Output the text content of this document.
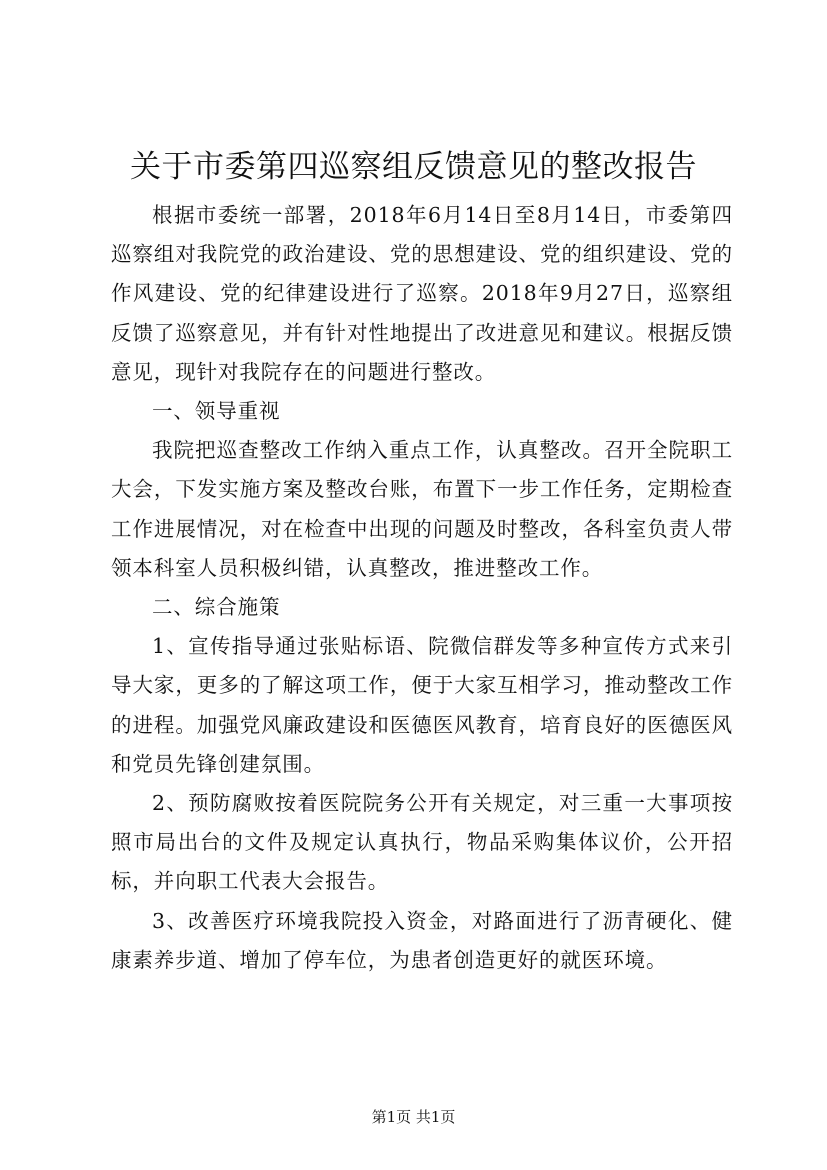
关于市委第四巡察组反馈意见的整改报告

根据市委统一部署，2018年6月14日至8月14日，市委第四巡察组对我院党的政治建设、党的思想建设、党的组织建设、党的作风建设、党的纪律建设进行了巡察。2018年9月27日，巡察组反馈了巡察意见，并有针对性地提出了改进意见和建议。根据反馈意见，现针对我院存在的问题进行整改。

一、领导重视

我院把巡查整改工作纳入重点工作，认真整改。召开全院职工大会，下发实施方案及整改台账，布置下一步工作任务，定期检查工作进展情况，对在检查中出现的问题及时整改，各科室负责人带领本科室人员积极纠错，认真整改，推进整改工作。

二、综合施策

1、宣传指导通过张贴标语、院微信群发等多种宣传方式来引导大家，更多的了解这项工作，便于大家互相学习，推动整改工作的进程。加强党风廉政建设和医德医风教育，培育良好的医德医风和党员先锋创建氛围。

2、预防腐败按着医院院务公开有关规定，对三重一大事项按照市局出台的文件及规定认真执行，物品采购集体议价，公开招标，并向职工代表大会报告。

3、改善医疗环境我院投入资金，对路面进行了沥青硬化、健康素养步道、增加了停车位，为患者创造更好的就医环境。

第1页 共1页
